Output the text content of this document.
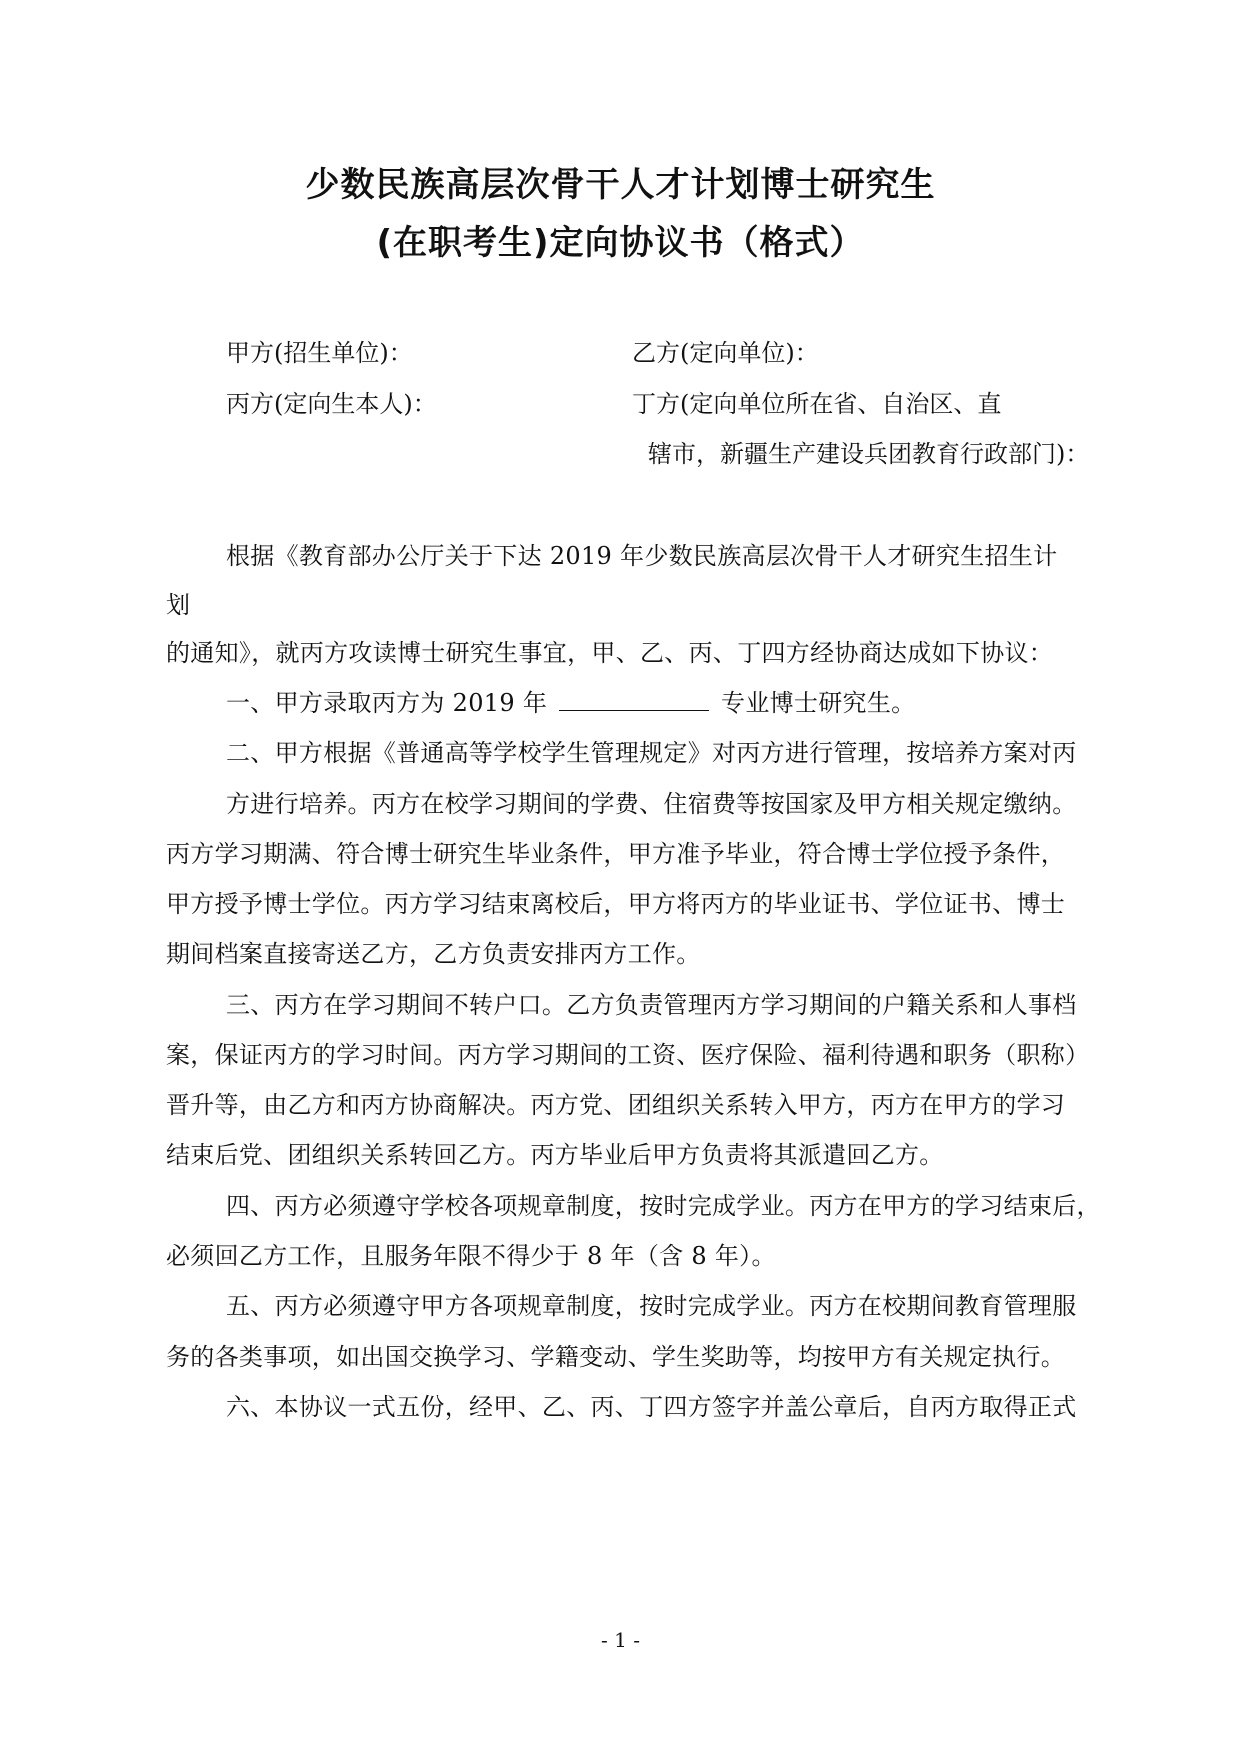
少数民族高层次骨干人才计划博士研究生
(在职考生)定向协议书（格式）
甲方(招生单位)：	乙方(定向单位)：
丙方(定向生本人)：	丁方(定向单位所在省、自治区、直
辖市，新疆生产建设兵团教育行政部门)：
根据《教育部办公厅关于下达 2019 年少数民族高层次骨干人才研究生招生计
划
的通知》，就丙方攻读博士研究生事宜，甲、乙、丙、丁四方经协商达成如下协议：
一、甲方录取丙方为 2019 年	专业博士研究生。
二、甲方根据《普通高等学校学生管理规定》对丙方进行管理，按培养方案对丙
方进行培养。丙方在校学习期间的学费、住宿费等按国家及甲方相关规定缴纳。
丙方学习期满、符合博士研究生毕业条件，甲方准予毕业，符合博士学位授予条件，
甲方授予博士学位。丙方学习结束离校后，甲方将丙方的毕业证书、学位证书、博士
期间档案直接寄送乙方，乙方负责安排丙方工作。
三、丙方在学习期间不转户口。乙方负责管理丙方学习期间的户籍关系和人事档
案，保证丙方的学习时间。丙方学习期间的工资、医疗保险、福利待遇和职务（职称）
晋升等，由乙方和丙方协商解决。丙方党、团组织关系转入甲方，丙方在甲方的学习
结束后党、团组织关系转回乙方。丙方毕业后甲方负责将其派遣回乙方。
四、丙方必须遵守学校各项规章制度，按时完成学业。丙方在甲方的学习结束后，
必须回乙方工作，且服务年限不得少于 8 年（含 8 年）。
五、丙方必须遵守甲方各项规章制度，按时完成学业。丙方在校期间教育管理服
务的各类事项，如出国交换学习、学籍变动、学生奖助等，均按甲方有关规定执行。
六、本协议一式五份，经甲、乙、丙、丁四方签字并盖公章后，自丙方取得正式
- 1 -
